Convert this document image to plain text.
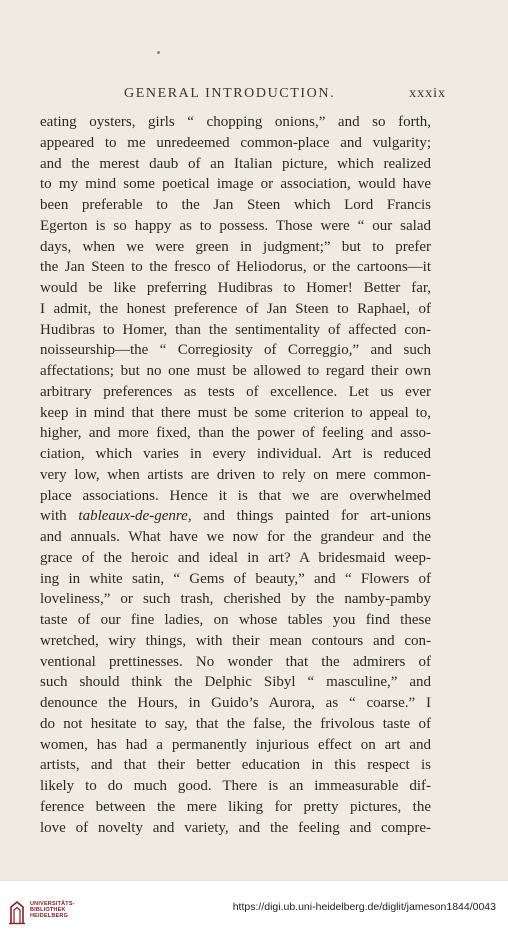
GENERAL INTRODUCTION.	xxxix
eating oysters, girls “ chopping onions,” and so forth,
appeared to me unredeemed common-place and vulgarity;
and the merest daub of an Italian picture, which realized
to my mind some poetical image or association, would have
been preferable to the Jan Steen which Lord Francis
Egerton is so happy as to possess. Those were “ our salad
days, when we were green in judgment;” but to prefer
the Jan Steen to the fresco of Heliodorus, or the cartoons—it
would be like preferring Hudibras to Homer! Better far,
I admit, the honest preference of Jan Steen to Raphael, of
Hudibras to Homer, than the sentimentality of affected con-
noisseurship—the “ Corregiosity of Correggio,” and such
affectations; but no one must be allowed to regard their own
arbitrary preferences as tests of excellence. Let us ever
keep in mind that there must be some criterion to appeal to,
higher, and more fixed, than the power of feeling and asso-
ciation, which varies in every individual. Art is reduced
very low, when artists are driven to rely on mere common-
place associations. Hence it is that we are overwhelmed
with tableaux-de-genre, and things painted for art-unions
and annuals. What have we now for the grandeur and the
grace of the heroic and ideal in art? A bridesmaid weep-
ing in white satin, “ Gems of beauty,” and “ Flowers of
loveliness,” or such trash, cherished by the namby-pamby
taste of our fine ladies, on whose tables you find these
wretched, wiry things, with their mean contours and con-
ventional prettinesses. No wonder that the admirers of
such should think the Delphic Sibyl “ masculine,” and
denounce the Hours, in Guido’s Aurora, as “ coarse.” I
do not hesitate to say, that the false, the frivolous taste of
women, has had a permanently injurious effect on art and
artists, and that their better education in this respect is
likely to do much good. There is an immeasurable dif-
ference between the mere liking for pretty pictures, the
love of novelty and variety, and the feeling and compre-
UNIVERSITÄTS-
BIBLIOTHEK
HEIDELBERG
https://digi.ub.uni-heidelberg.de/diglit/jameson1844/0043
